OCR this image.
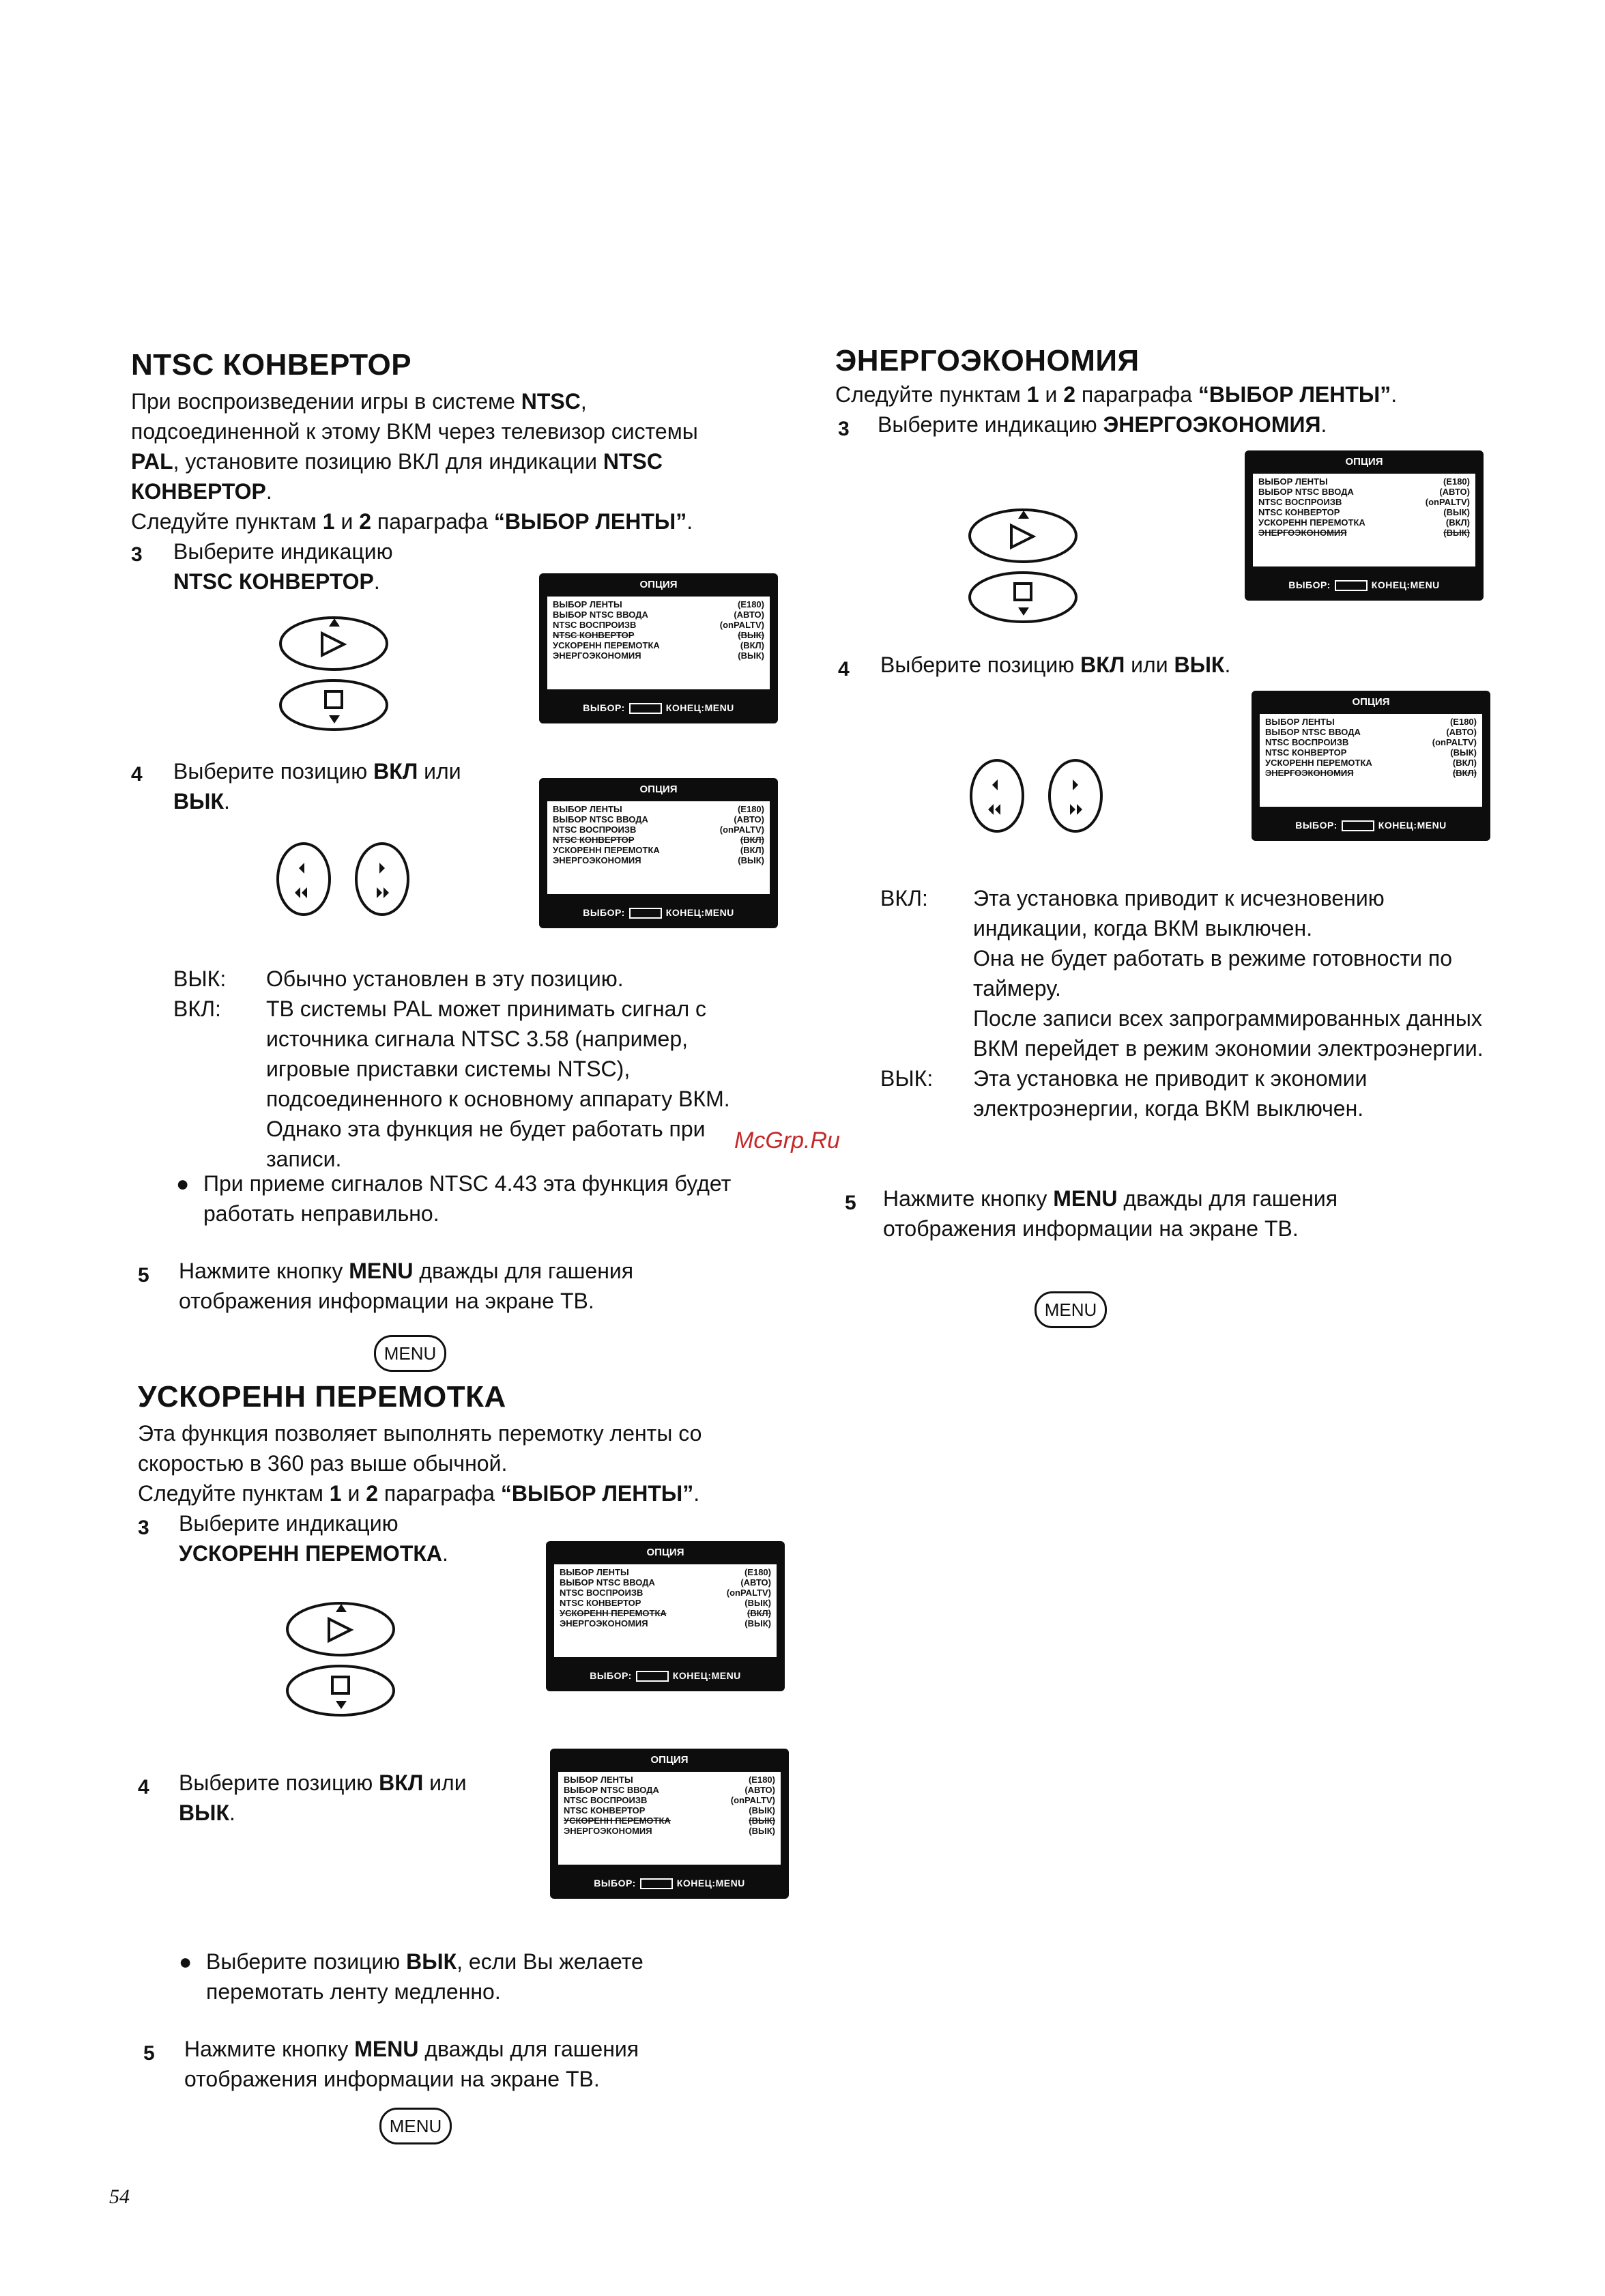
NTSC КОНВЕРТОР
При воспроизведении игры в системе NTSC,
подсоединенной к этому ВКМ через телевизор системы
PAL, установите позицию ВКЛ для индикации NTSC
КОНВЕРТОР.
Следуйте пунктам 1 и 2 параграфа “ВЫБОР ЛЕНТЫ”.
3 Выберите индикацию
NTSC КОНВЕРТОР.	ОПЦИЯ
ВЫБОР ЛЕНТЫ	(E180)
ВЫБОР NTSC ВВОДА	(АВТО)
NTSC ВОСПРОИЗВ	(onPALTV)
NTSC КОНВЕРТОР	(ВЫК)
УСКОРЕНН ПЕРЕМОТКА	(ВКЛ)
ЭНЕРГОЭКОНОМИЯ	(ВЫК)
ВЫБОР:	КОНЕЦ:MENU
4 Выберите позицию ВКЛ или
ВЫК.	ОПЦИЯ
ВЫБОР ЛЕНТЫ	(E180)
ВЫБОР NTSC ВВОДА	(АВТО)
NTSC ВОСПРОИЗВ	(onPALTV)
NTSC КОНВЕРТОР	(ВКЛ)
УСКОРЕНН ПЕРЕМОТКА	(ВКЛ)
ЭНЕРГОЭКОНОМИЯ	(ВЫК)
ВЫБОР:	КОНЕЦ:MENU
ВЫК:	Обычно установлен в эту позицию.
ВКЛ:	ТВ системы PAL может принимать сигнал с источника сигнала NTSC 3.58 (например, игровые приставки системы NTSC), подсоединенного к основному аппарату ВКМ. Однако эта функция не будет работать при записи.
● При приеме сигналов NTSC 4.43 эта функция будет работать неправильно.
5 Нажмите кнопку MENU дважды для гашения
отображения информации на экране ТВ.
MENU
УСКОРЕНН ПЕРЕМОТКА
Эта функция позволяет выполнять перемотку ленты со
скоростью в 360 раз выше обычной.
Следуйте пунктам 1 и 2 параграфа “ВЫБОР ЛЕНТЫ”.
3 Выберите индикацию
УСКОРЕНН ПЕРЕМОТКА.	ОПЦИЯ
ВЫБОР ЛЕНТЫ	(E180)
ВЫБОР NTSC ВВОДА	(АВТО)
NTSC ВОСПРОИЗВ	(onPALTV)
NTSC КОНВЕРТОР	(ВЫК)
УСКОРЕНН ПЕРЕМОТКА	(ВКЛ)
ЭНЕРГОЭКОНОМИЯ	(ВЫК)
ВЫБОР:	КОНЕЦ:MENU
4 Выберите позицию ВКЛ или
ВЫК.
ОПЦИЯ
ВЫБОР ЛЕНТЫ	(E180)
ВЫБОР NTSC ВВОДА	(АВТО)
NTSC ВОСПРОИЗВ	(onPALTV)
NTSC КОНВЕРТОР	(ВЫК)
УСКОРЕНН ПЕРЕМОТКА	(ВЫК)
ЭНЕРГОЭКОНОМИЯ	(ВЫК)
ВЫБОР:	КОНЕЦ:MENU
● Выберите позицию ВЫК, если Вы желаете
перемотать ленту медленно.
5 Нажмите кнопку MENU дважды для гашения
отображения информации на экране ТВ.
MENU
54
ЭНЕРГОЭКОНОМИЯ
Следуйте пунктам 1 и 2 параграфа “ВЫБОР ЛЕНТЫ”.
3 Выберите индикацию ЭНЕРГОЭКОНОМИЯ.
ОПЦИЯ
ВЫБОР ЛЕНТЫ	(E180)
ВЫБОР NTSC ВВОДА	(АВТО)
NTSC ВОСПРОИЗВ	(onPALTV)
NTSC КОНВЕРТОР	(ВЫК)
УСКОРЕНН ПЕРЕМОТКА	(ВКЛ)
ЭНЕРГОЭКОНОМИЯ	(ВЫК)
ВЫБОР:	КОНЕЦ:MENU
4 Выберите позицию ВКЛ или ВЫК.
ОПЦИЯ
ВЫБОР ЛЕНТЫ	(E180)
ВЫБОР NTSC ВВОДА	(АВТО)
NTSC ВОСПРОИЗВ	(onPALTV)
NTSC КОНВЕРТОР	(ВЫК)
УСКОРЕНН ПЕРЕМОТКА	(ВКЛ)
ЭНЕРГОЭКОНОМИЯ	(ВКЛ)
ВЫБОР:	КОНЕЦ:MENU
ВКЛ:	Эта установка приводит к исчезновению индикации, когда ВКМ выключен.
Она не будет работать в режиме готовности по таймеру.
После записи всех запрограммированных данных ВКМ перейдет в режим экономии электроэнергии.
ВЫК:	Эта установка не приводит к экономии электроэнергии, когда ВКМ выключен.
5 Нажмите кнопку MENU дважды для гашения
отображения информации на экране ТВ.
MENU
McGrp.Ru
